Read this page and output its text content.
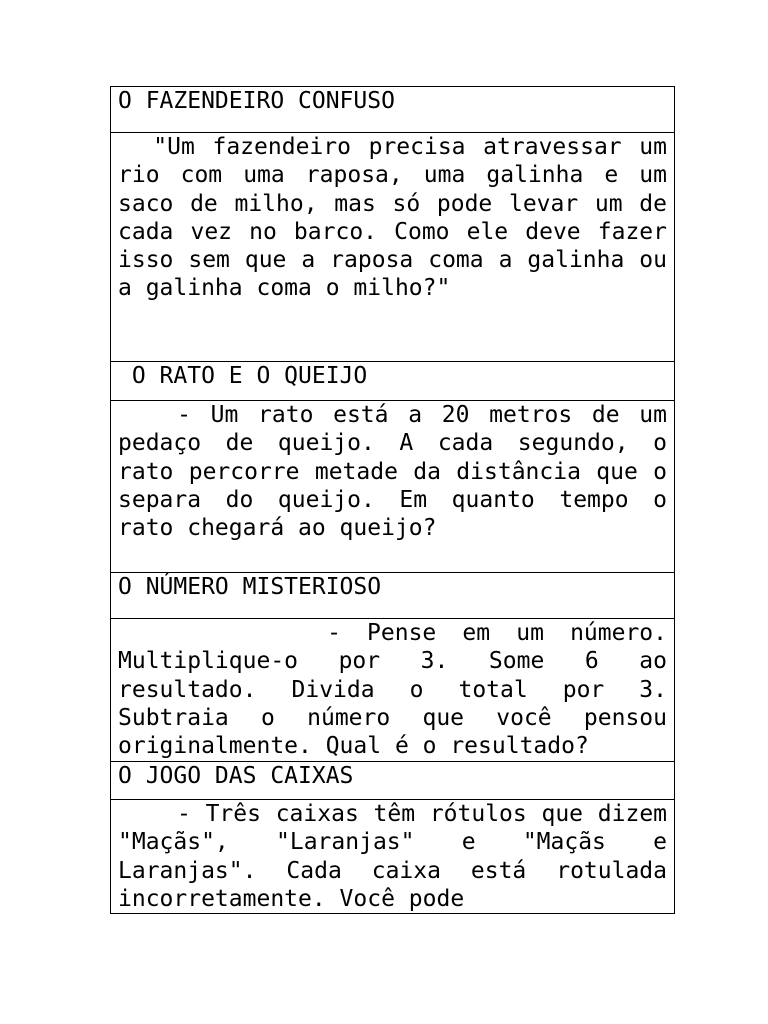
O FAZENDEIRO CONFUSO

"Um fazendeiro precisa atravessar um rio com uma raposa, uma galinha e um saco de milho, mas só pode levar um de cada vez no barco. Como ele deve fazer isso sem que a raposa coma a galinha ou a galinha coma o milho?"

O RATO E O QUEIJO

- Um rato está a 20 metros de um pedaço de queijo. A cada segundo, o rato percorre metade da distância que o separa do queijo. Em quanto tempo o rato chegará ao queijo?

O NÚMERO MISTERIOSO

- Pense em um número. Multiplique-o por 3. Some 6 ao resultado. Divida o total por 3. Subtraia o número que você pensou originalmente. Qual é o resultado?

O JOGO DAS CAIXAS

- Três caixas têm rótulos que dizem "Maçãs", "Laranjas" e "Maçãs e Laranjas". Cada caixa está rotulada incorretamente. Você pode
